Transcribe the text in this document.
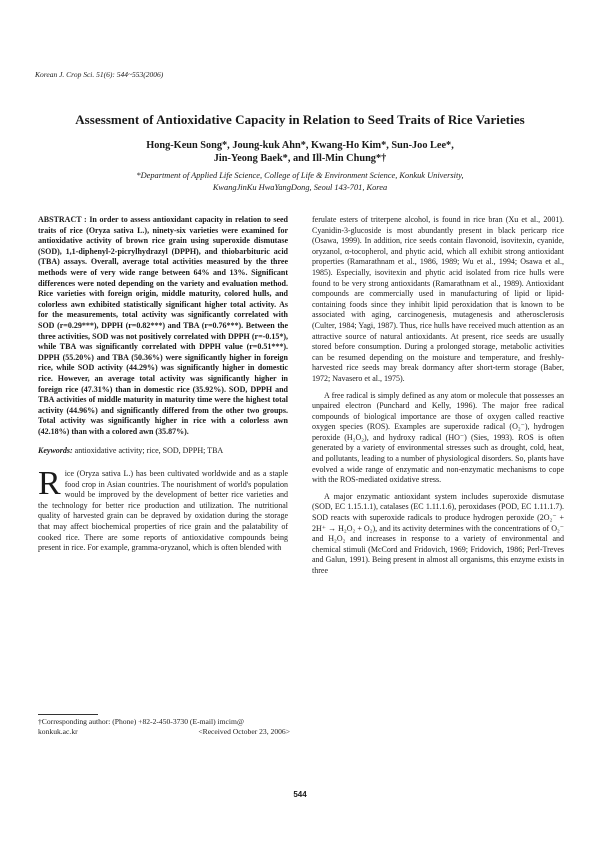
Korean J. Crop Sci. 51(6): 544~553(2006)
Assessment of Antioxidative Capacity in Relation to Seed Traits of Rice Varieties
Hong-Keun Song*, Joung-kuk Ahn*, Kwang-Ho Kim*, Sun-Joo Lee*,
Jin-Yeong Baek*, and Ill-Min Chung*†
*Department of Applied Life Science, College of Life & Environment Science, Konkuk University,
KwangJinKu HwaYangDong, Seoul 143-701, Korea
ABSTRACT : In order to assess antioxidant capacity in relation to seed traits of rice (Oryza sativa L.), ninety-six varieties were examined for antioxidative activity of brown rice grain using superoxide dismutase (SOD), 1,1-diphenyl-2-picrylhydrazyl (DPPH), and thiobarbituric acid (TBA) assays. Overall, average total activities measured by the three methods were of very wide range between 64% and 13%. Significant differences were noted depending on the variety and evaluation method. Rice varieties with foreign origin, middle maturity, colored hulls, and colorless awn exhibited statistically significant higher total activity. As for the measurements, total activity was significantly correlated with SOD (r=0.29***), DPPH (r=0.82***) and TBA (r=0.76***). Between the three activities, SOD was not positively correlated with DPPH (r=-0.15*), while TBA was significantly correlated with DPPH value (r=0.51***). DPPH (55.20%) and TBA (50.36%) were significantly higher in foreign rice, while SOD activity (44.29%) was significantly higher in domestic rice. However, an average total activity was significantly higher in foreign rice (47.31%) than in domestic rice (35.92%). SOD, DPPH and TBA activities of middle maturity in maturity time were the highest total activity (44.96%) and significantly differed from the other two groups. Total activity was significantly higher in rice with a colorless awn (42.18%) than with a colored awn (35.87%).
Keywords: antioxidative activity; rice, SOD, DPPH; TBA
R ice (Oryza sativa L.) has been cultivated worldwide and as a staple food crop in Asian countries. The nourishment of world's population would be improved by the development of better rice varieties and the technology for better rice production and utilization. The nutritional quality of harvested grain can be depraved by oxidation during the storage that may affect biochemical properties of rice grain and the palatability of cooked rice. There are some reports of antioxidative compounds being present in rice. For example, gramma-oryzanol, which is often blended with

ferulate esters of triterpene alcohol, is found in rice bran (Xu et al., 2001). Cyanidin-3-glucoside is most abundantly present in black pericarp rice (Osawa, 1999). In addition, rice seeds contain flavonoid, isovitexin, cyanide, oryzanol, α-tocopherol, and phytic acid, which all exhibit strong antioxidant properties (Ramarathnam et al., 1986, 1989; Wu et al., 1994; Osawa et al., 1985). Especially, isovitexin and phytic acid isolated from rice hulls were found to be very strong antioxidants (Ramarathnam et al., 1989). Antioxidant compounds are commercially used in manufacturing of lipid or lipid-containing foods since they inhibit lipid peroxidation that is known to be associated with aging, carcinogenesis, mutagenesis and atherosclerosis (Culter, 1984; Yagi, 1987). Thus, rice hulls have received much attention as an attractive source of natural antioxidants. At present, rice seeds are usually stored before consumption. During a prolonged storage, metabolic activities can be resumed depending on the moisture and temperature, and freshly-harvested rice seeds may break dormancy after short-term storage (Baber, 1972; Navasero et al., 1975).

A free radical is simply defined as any atom or molecule that possesses an unpaired electron (Punchard and Kelly, 1996). The major free radical compounds of biological importance are those of oxygen called reactive oxygen species (ROS). Examples are superoxide radical (O₂⁻), hydrogen peroxide (H₂O₂), and hydroxy radical (HO⁻) (Sies, 1993). ROS is often generated by a variety of environmental stresses such as drought, cold, heat, and pollutants, leading to a number of physiological disorders. So, plants have evolved a wide range of enzymatic and non-enzymatic mechanisms to cope with the ROS-mediated oxidative stress.

A major enzymatic antioxidant system includes superoxide dismutase (SOD, EC 1.15.1.1), catalases (EC 1.11.1.6), peroxidases (POD, EC 1.11.1.7). SOD reacts with superoxide radicals to produce hydrogen peroxide (2O₂⁻ + 2H⁺ → H₂O₂ + O₂), and its activity determines with the concentrations of O₂⁻ and H₂O₂ and increases in response to a variety of environmental and chemical stimuli (McCord and Fridovich, 1969; Fridovich, 1986; Perl-Treves and Galun, 1991). Being present in almost all organisms, this enzyme exists in three

†Corresponding author: (Phone) +82-2-450-3730 (E-mail) imcim@
konkuk.ac.kr	<Received October 23, 2006>
544
